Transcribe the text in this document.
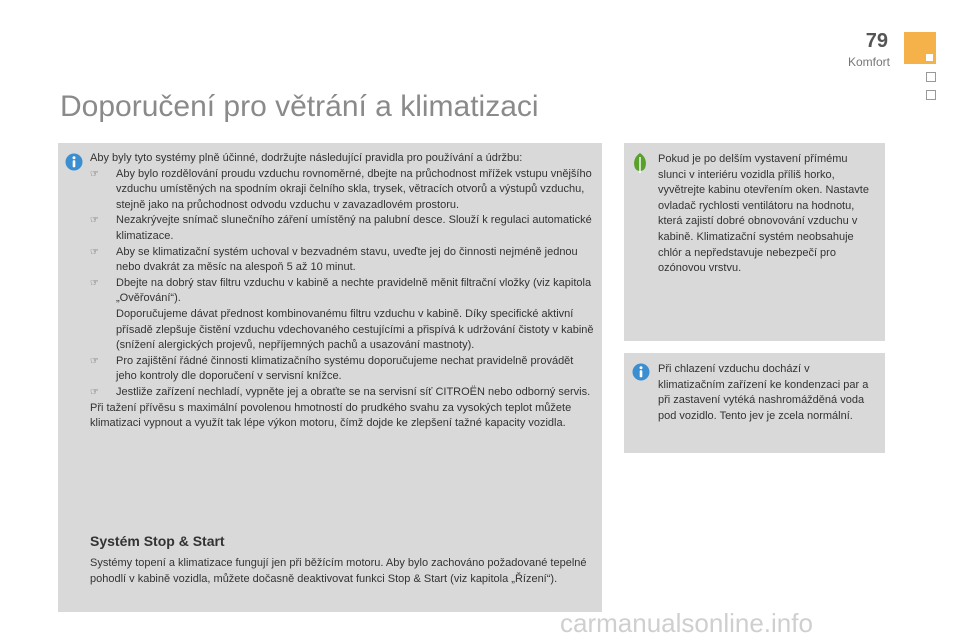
79
Komfort
Doporučení pro větrání a klimatizaci

Aby byly tyto systémy plně účinné, dodržujte následující pravidla pro používání a údržbu:

☞ Aby bylo rozdělování proudu vzduchu rovnoměrné, dbejte na průchodnost mřížek vstupu vnějšího vzduchu umístěných na spodním okraji čelního skla, trysek, větracích otvorů a výstupů vzduchu, stejně jako na průchodnost odvodu vzduchu v zavazadlovém prostoru.
☞ Nezakrývejte snímač slunečního záření umístěný na palubní desce. Slouží k regulaci automatické klimatizace.
☞ Aby se klimatizační systém uchoval v bezvadném stavu, uveďte jej do činnosti nejméně jednou nebo dvakrát za měsíc na alespoň 5 až 10 minut.
☞ Dbejte na dobrý stav filtru vzduchu v kabině a nechte pravidelně měnit filtrační vložky (viz kapitola „Ověřování“).
Doporučujeme dávat přednost kombinovanému filtru vzduchu v kabině. Díky specifické aktivní přísadě zlepšuje čistění vzduchu vdechovaného cestujícími a přispívá k udržování čistoty v kabině (snížení alergických projevů, nepříjemných pachů a usazování mastnoty).
☞ Pro zajištění řádné činnosti klimatizačního systému doporučujeme nechat pravidelně provádět jeho kontroly dle doporučení v servisní knížce.
☞ Jestliže zařízení nechladí, vypněte jej a obraťte se na servisní síť CITROËN nebo odborný servis.

Při tažení přívěsu s maximální povolenou hmotností do prudkého svahu za vysokých teplot můžete klimatizaci vypnout a využít tak lépe výkon motoru, čímž dojde ke zlepšení tažné kapacity vozidla.

Systém Stop & Start

Systémy topení a klimatizace fungují jen při běžícím motoru. Aby bylo zachováno požadované tepelné pohodlí v kabině vozidla, můžete dočasně deaktivovat funkci Stop & Start (viz kapitola „Řízení“).

Pokud je po delším vystavení přímému slunci v interiéru vozidla příliš horko, vyvětrejte kabinu otevřením oken. Nastavte ovladač rychlosti ventilátoru na hodnotu, která zajistí dobré obnovování vzduchu v kabině. Klimatizační systém neobsahuje chlór a nepředstavuje nebezpečí pro ozónovou vrstvu.

Při chlazení vzduchu dochází v klimatizačním zařízení ke kondenzaci par a při zastavení vytéká nashromážděná voda pod vozidlo. Tento jev je zcela normální.

carmanualsonline.info
